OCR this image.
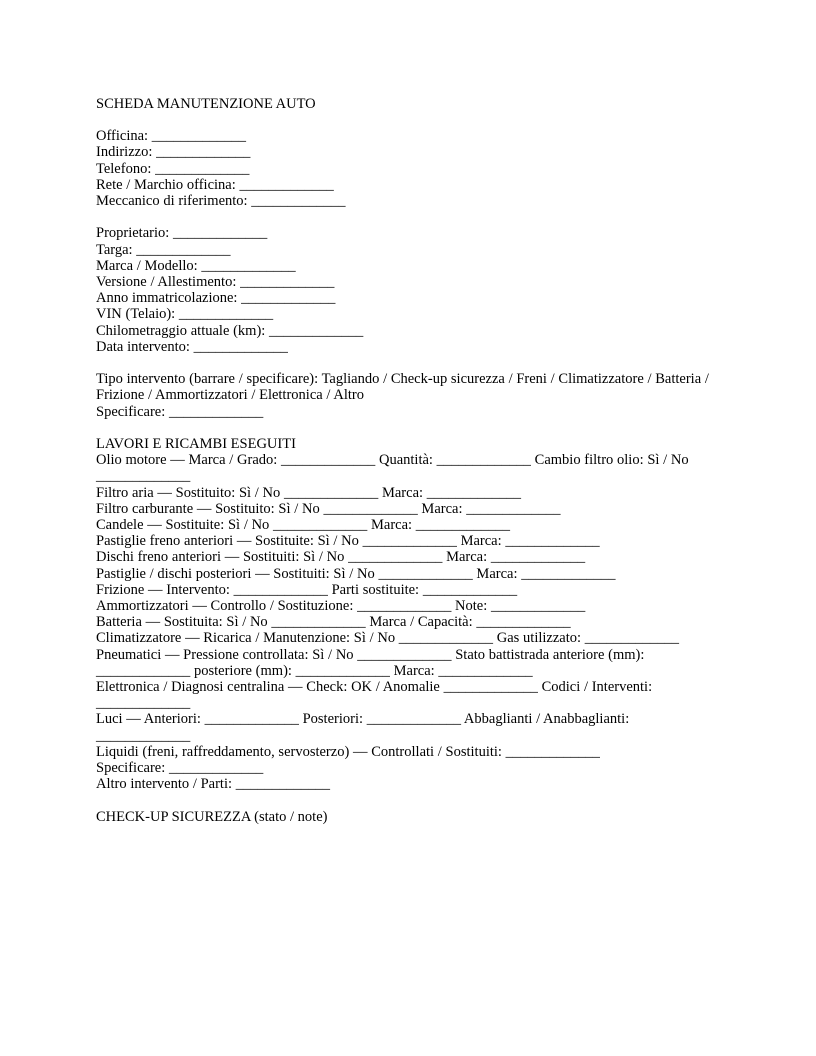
SCHEDA MANUTENZIONE AUTO
Officina: _____________
Indirizzo: _____________
Telefono: _____________
Rete / Marchio officina: _____________
Meccanico di riferimento: _____________
Proprietario: _____________
Targa: _____________
Marca / Modello: _____________
Versione / Allestimento: _____________
Anno immatricolazione: _____________
VIN (Telaio): _____________
Chilometraggio attuale (km): _____________
Data intervento: _____________
Tipo intervento (barrare / specificare): Tagliando / Check-up sicurezza / Freni / Climatizzatore / Batteria / Frizione / Ammortizzatori / Elettronica / Altro
Specificare: _____________
LAVORI E RICAMBI ESEGUITI
Olio motore — Marca / Grado: _____________ Quantità: _____________ Cambio filtro olio: Sì / No _____________
Filtro aria — Sostituito: Sì / No _____________ Marca: _____________
Filtro carburante — Sostituito: Sì / No _____________ Marca: _____________
Candele — Sostituite: Sì / No _____________ Marca: _____________
Pastiglie freno anteriori — Sostituite: Sì / No _____________ Marca: _____________
Dischi freno anteriori — Sostituiti: Sì / No _____________ Marca: _____________
Pastiglie / dischi posteriori — Sostituiti: Sì / No _____________ Marca: _____________
Frizione — Intervento: _____________ Parti sostituite: _____________
Ammortizzatori — Controllo / Sostituzione: _____________ Note: _____________
Batteria — Sostituita: Sì / No _____________ Marca / Capacità: _____________
Climatizzatore — Ricarica / Manutenzione: Sì / No _____________ Gas utilizzato: _____________
Pneumatici — Pressione controllata: Sì / No _____________ Stato battistrada anteriore (mm): _____________ posteriore (mm): _____________ Marca: _____________
Elettronica / Diagnosi centralina — Check: OK / Anomalie _____________ Codici / Interventi: _____________
Luci — Anteriori: _____________ Posteriori: _____________ Abbaglianti / Anabbaglianti: _____________
Liquidi (freni, raffreddamento, servosterzo) — Controllati / Sostituiti: _____________
Specificare: _____________
Altro intervento / Parti: _____________
CHECK-UP SICUREZZA (stato / note)
